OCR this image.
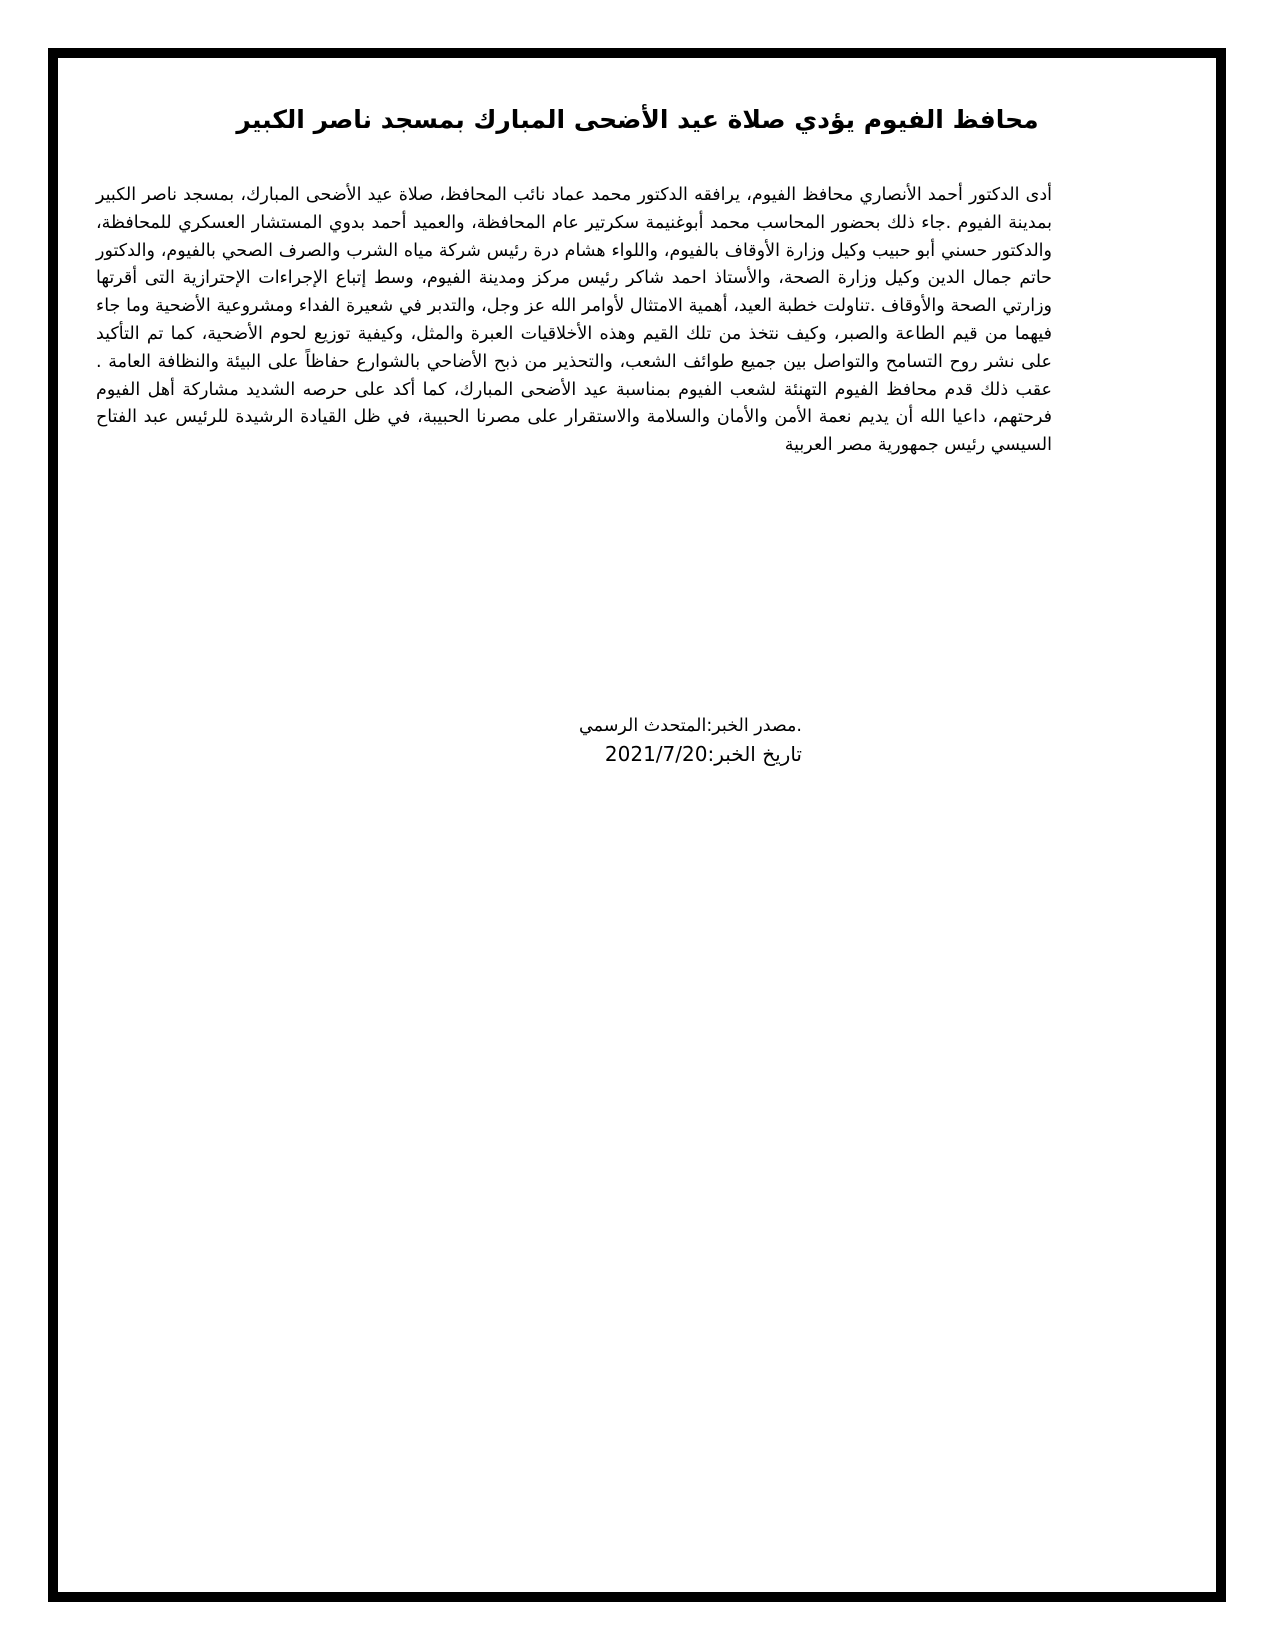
محافظ الفيوم يؤدي صلاة عيد الأضحى المبارك بمسجد ناصر الكبير

أدى الدكتور أحمد الأنصاري محافظ الفيوم، يرافقه الدكتور محمد عماد نائب المحافظ، صلاة عيد الأضحى المبارك، بمسجد ناصر الكبير بمدينة الفيوم .جاء ذلك بحضور المحاسب محمد أبوغنيمة سكرتير عام المحافظة، والعميد أحمد بدوي المستشار العسكري للمحافظة، والدكتور حسني أبو حبيب وكيل وزارة الأوقاف بالفيوم، واللواء هشام درة رئيس شركة مياه الشرب والصرف الصحي بالفيوم، والدكتور حاتم جمال الدين وكيل وزارة الصحة، والأستاذ احمد شاكر رئيس مركز ومدينة الفيوم، وسط إتباع الإجراءات الإحترازية التى أقرتها وزارتي الصحة والأوقاف .تناولت خطبة العيد، أهمية الامتثال لأوامر الله عز وجل، والتدبر في شعيرة الفداء ومشروعية الأضحية وما جاء فيهما من قيم الطاعة والصبر، وكيف نتخذ من تلك القيم وهذه الأخلاقيات العبرة والمثل، وكيفية توزيع لحوم الأضحية، كما تم التأكيد على نشر روح التسامح والتواصل بين جميع طوائف الشعب، والتحذير من ذبح الأضاحي بالشوارع حفاظاً على البيئة والنظافة العامة . عقب ذلك قدم محافظ الفيوم التهنئة لشعب الفيوم بمناسبة عيد الأضحى المبارك، كما أكد على حرصه الشديد مشاركة أهل الفيوم فرحتهم، داعيا الله أن يديم نعمة الأمن والأمان والسلامة والاستقرار على مصرنا الحبيبة، في ظل القيادة الرشيدة للرئيس عبد الفتاح السيسي رئيس جمهورية مصر العربية

.مصدر الخبر:المتحدث الرسمي

تاريخ الخبر:2021/7/20
